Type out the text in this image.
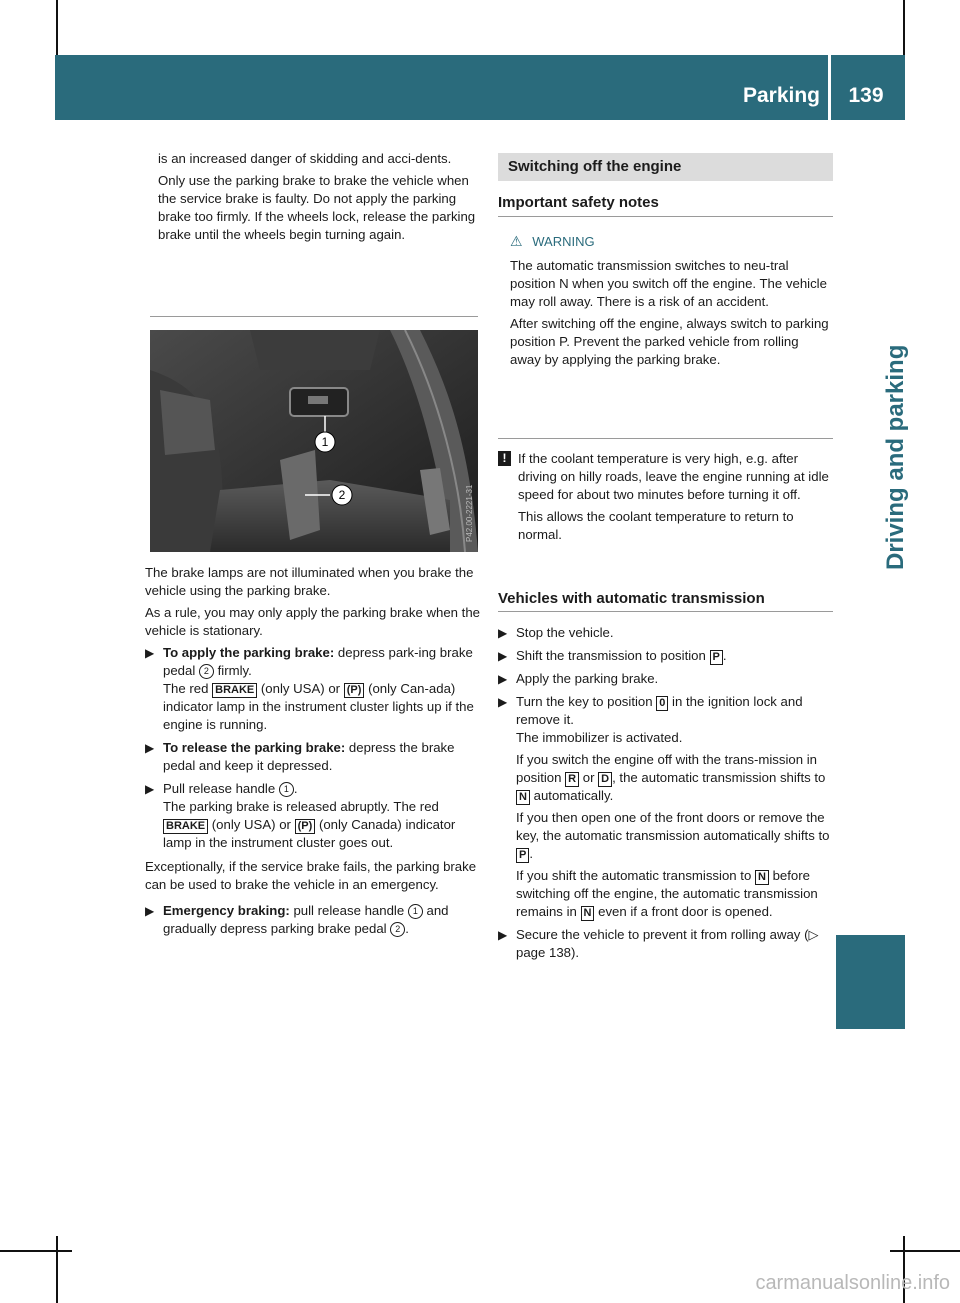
Parking	139
Driving and parking

is an increased danger of skidding and acci-dents.

Only use the parking brake to brake the vehicle when the service brake is faulty. Do not apply the parking brake too firmly. If the wheels lock, release the parking brake until the wheels begin turning again.

1
2	P42.00-2221-31

The brake lamps are not illuminated when you brake the vehicle using the parking brake.

As a rule, you may only apply the parking brake when the vehicle is stationary.

▶ To apply the parking brake: depress park-ing brake pedal 2 firmly.
The red BRAKE (only USA) or (P) (only Can-ada) indicator lamp in the instrument cluster lights up if the engine is running.
▶ To release the parking brake: depress the brake pedal and keep it depressed.
▶ Pull release handle 1 .
The parking brake is released abruptly. The red BRAKE (only USA) or (P) (only Canada) indicator lamp in the instrument cluster goes out.

Exceptionally, if the service brake fails, the parking brake can be used to brake the vehicle in an emergency.

▶ Emergency braking: pull release handle 1 and gradually depress parking brake pedal 2 .
Switching off the engine
Important safety notes
⚠ WARNING

The automatic transmission switches to neu-tral position N when you switch off the engine. The vehicle may roll away. There is a risk of an accident.

After switching off the engine, always switch to parking position P. Prevent the parked vehicle from rolling away by applying the parking brake.

! If the coolant temperature is very high, e.g. after driving on hilly roads, leave the engine running at idle speed for about two minutes before turning it off.

This allows the coolant temperature to return to normal.

Vehicles with automatic transmission
▶ Stop the vehicle.
▶ Shift the transmission to position P .
▶ Apply the parking brake.
▶ Turn the key to position 0 in the ignition lock and remove it.
The immobilizer is activated.

If you switch the engine off with the trans-mission in position R or D , the automatic transmission shifts to N automatically.

If you then open one of the front doors or remove the key, the automatic transmission automatically shifts to P .

If you shift the automatic transmission to N before switching off the engine, the automatic transmission remains in N even if a front door is opened.

▶ Secure the vehicle to prevent it from rolling away (▷ page 138).
carmanualsonline.info
